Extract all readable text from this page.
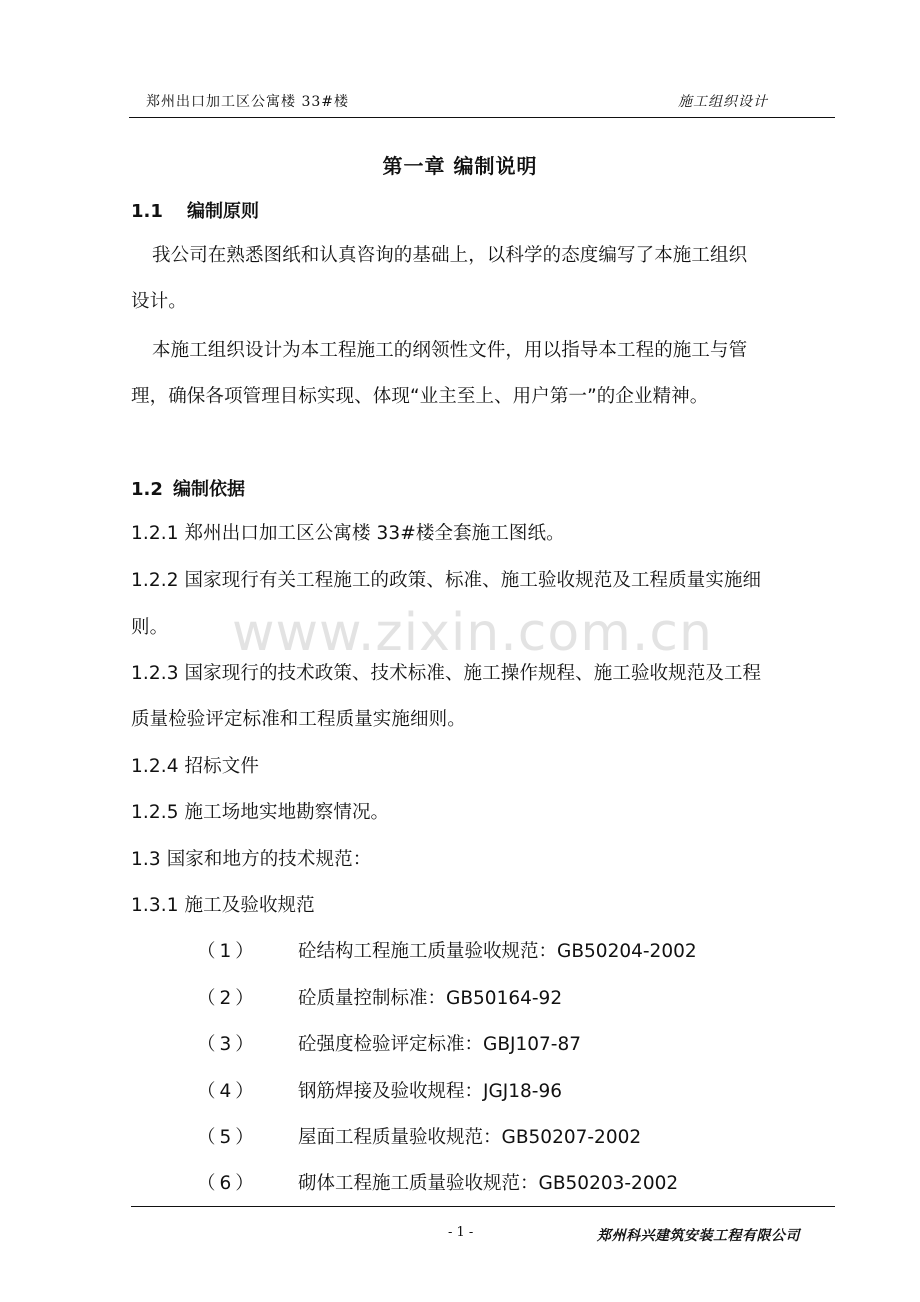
郑州出口加工区公寓楼 33#楼	施工组织设计
第一章 编制说明
1.1 编制原则
我公司在熟悉图纸和认真咨询的基础上，以科学的态度编写了本施工组织
设计。
本施工组织设计为本工程施工的纲领性文件，用以指导本工程的施工与管
理，确保各项管理目标实现、体现“业主至上、用户第一”的企业精神。
1.2 编制依据
1.2.1 郑州出口加工区公寓楼 33#楼全套施工图纸。
1.2.2 国家现行有关工程施工的政策、标准、施工验收规范及工程质量实施细
则。
1.2.3 国家现行的技术政策、技术标准、施工操作规程、施工验收规范及工程
质量检验评定标准和工程质量实施细则。
1.2.4 招标文件
1.2.5 施工场地实地勘察情况。
1.3 国家和地方的技术规范：
1.3.1 施工及验收规范
（1） 砼结构工程施工质量验收规范：GB50204-2002
（2） 砼质量控制标准：GB50164-92
（3） 砼强度检验评定标准：GBJ107-87
（4） 钢筋焊接及验收规程：JGJ18-96
（5） 屋面工程质量验收规范：GB50207-2002
（6） 砌体工程施工质量验收规范：GB50203-2002
www.zixin.com.cn
- 1 -	郑州科兴建筑安装工程有限公司
